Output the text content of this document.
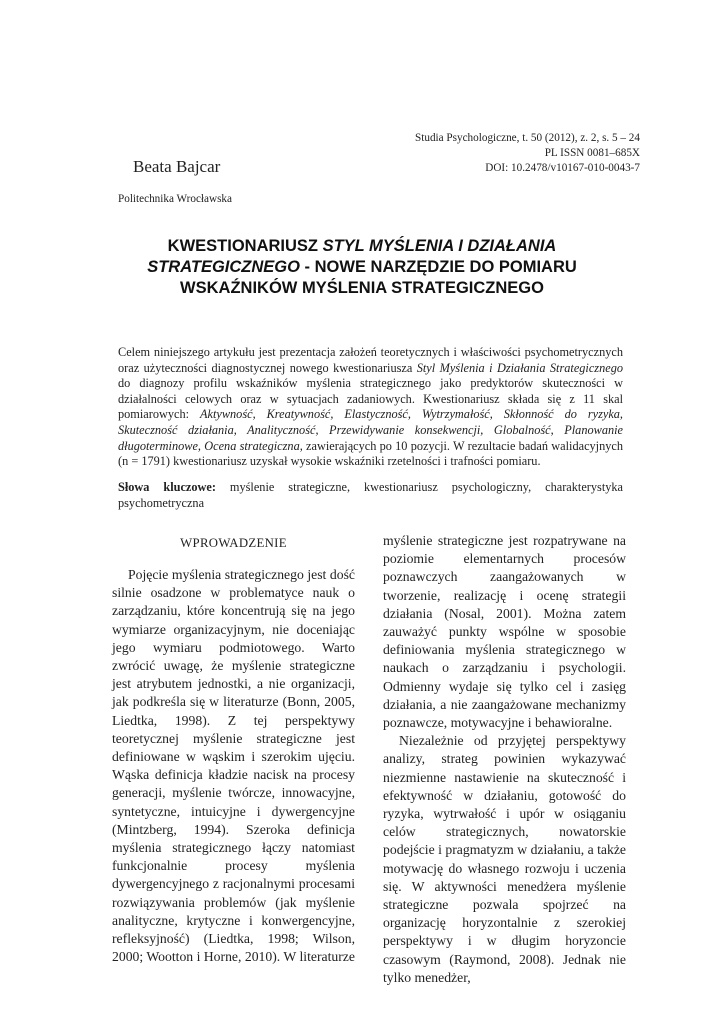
Studia Psychologiczne, t. 50 (2012), z. 2, s. 5 – 24
PL ISSN 0081–685X
DOI: 10.2478/v10167-010-0043-7
Beata Bajcar
Politechnika Wrocławska
KWESTIONARIUSZ STYL MYŚLENIA I DZIAŁANIA
STRATEGICZNEGO - NOWE NARZĘDZIE DO POMIARU
WSKAŹNIKÓW MYŚLENIA STRATEGICZNEGO
Celem niniejszego artykułu jest prezentacja założeń teoretycznych i właściwości psychometrycznych oraz użyteczności diagnostycznej nowego kwestionariusza Styl Myślenia i Działania Strategicznego do diagnozy profilu wskaźników myślenia strategicznego jako predyktorów skuteczności w działalności celowych oraz w sytuacjach zadaniowych. Kwestionariusz składa się z 11 skal pomiarowych: Aktywność, Kreatywność, Elastyczność, Wytrzymałość, Skłonność do ryzyka, Skuteczność działania, Analityczność, Przewidywanie konsekwencji, Globalność, Planowanie długoterminowe, Ocena strategiczna, zawierających po 10 pozycji. W rezultacie badań walidacyjnych (n = 1791) kwestionariusz uzyskał wysokie wskaźniki rzetelności i trafności pomiaru.
Słowa kluczowe: myślenie strategiczne, kwestionariusz psychologiczny, charakterystyka psychometryczna
WPROWADZENIE

Pojęcie myślenia strategicznego jest dość silnie osadzone w problematyce nauk o zarządzaniu, które koncentrują się na jego wymiarze organizacyjnym, nie doceniając jego wymiaru podmiotowego. Warto zwrócić uwagę, że myślenie strategiczne jest atrybutem jednostki, a nie organizacji, jak podkreśla się w literaturze (Bonn, 2005, Liedtka, 1998). Z tej perspektywy teoretycznej myślenie strategiczne jest definiowane w wąskim i szerokim ujęciu. Wąska definicja kładzie nacisk na procesy generacji, myślenie twórcze, innowacyjne, syntetyczne, intuicyjne i dywergencyjne (Mintzberg, 1994). Szeroka definicja myślenia strategicznego łączy natomiast funkcjonalnie procesy myślenia dywergencyjnego z racjonalnymi procesami rozwiązywania problemów (jak myślenie analityczne, krytyczne i konwergencyjne, refleksyjność) (Liedtka, 1998; Wilson, 2000; Wootton i Horne, 2010). W literaturze

myślenie strategiczne jest rozpatrywane na poziomie elementarnych procesów poznawczych zaangażowanych w tworzenie, realizację i ocenę strategii działania (Nosal, 2001). Można zatem zauważyć punkty wspólne w sposobie definiowania myślenia strategicznego w naukach o zarządzaniu i psychologii. Odmienny wydaje się tylko cel i zasięg działania, a nie zaangażowane mechanizmy poznawcze, motywacyjne i behawioralne.

Niezależnie od przyjętej perspektywy analizy, strateg powinien wykazywać niezmienne nastawienie na skuteczność i efektywność w działaniu, gotowość do ryzyka, wytrwałość i upór w osiąganiu celów strategicznych, nowatorskie podejście i pragmatyzm w działaniu, a także motywację do własnego rozwoju i uczenia się. W aktywności menedżera myślenie strategiczne pozwala spojrzeć na organizację horyzontalnie z szerokiej perspektywy i w długim horyzoncie czasowym (Raymond, 2008). Jednak nie tylko menedżer,
